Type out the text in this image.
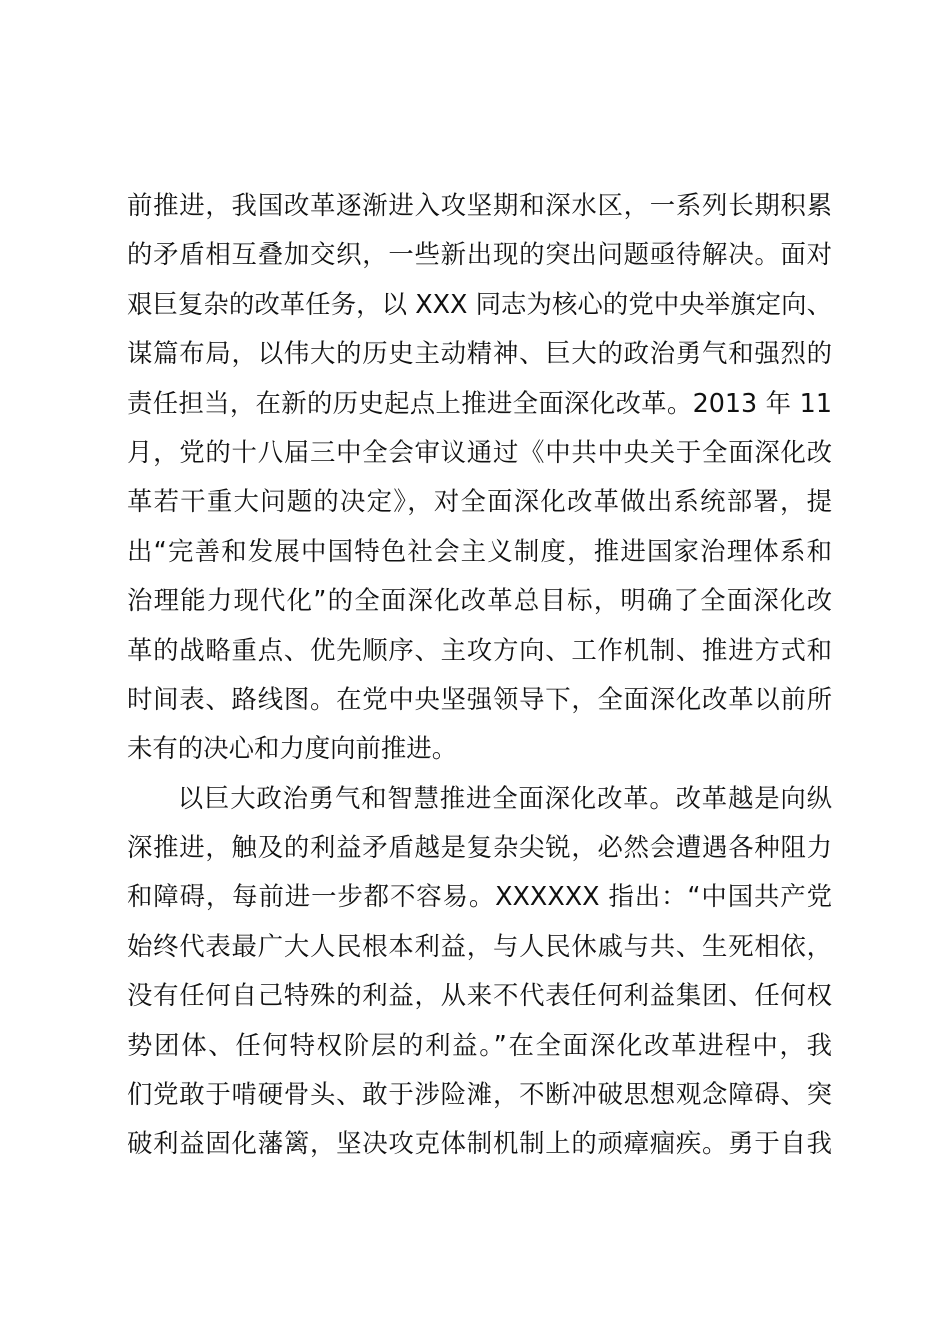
前推进，我国改革逐渐进入攻坚期和深水区，一系列长期积累
的矛盾相互叠加交织，一些新出现的突出问题亟待解决。面对
艰巨复杂的改革任务，以 XXX 同志为核心的党中央举旗定向、
谋篇布局，以伟大的历史主动精神、巨大的政治勇气和强烈的
责任担当，在新的历史起点上推进全面深化改革。2013 年 11
月，党的十八届三中全会审议通过《中共中央关于全面深化改
革若干重大问题的决定》，对全面深化改革做出系统部署，提
出“完善和发展中国特色社会主义制度，推进国家治理体系和
治理能力现代化”的全面深化改革总目标，明确了全面深化改
革的战略重点、优先顺序、主攻方向、工作机制、推进方式和
时间表、路线图。在党中央坚强领导下，全面深化改革以前所
未有的决心和力度向前推进。
以巨大政治勇气和智慧推进全面深化改革。改革越是向纵
深推进，触及的利益矛盾越是复杂尖锐，必然会遭遇各种阻力
和障碍，每前进一步都不容易。XXXXXX 指出：“中国共产党
始终代表最广大人民根本利益，与人民休戚与共、生死相依，
没有任何自己特殊的利益，从来不代表任何利益集团、任何权
势团体、任何特权阶层的利益。”在全面深化改革进程中，我
们党敢于啃硬骨头、敢于涉险滩，不断冲破思想观念障碍、突
破利益固化藩篱，坚决攻克体制机制上的顽瘴痼疾。勇于自我
